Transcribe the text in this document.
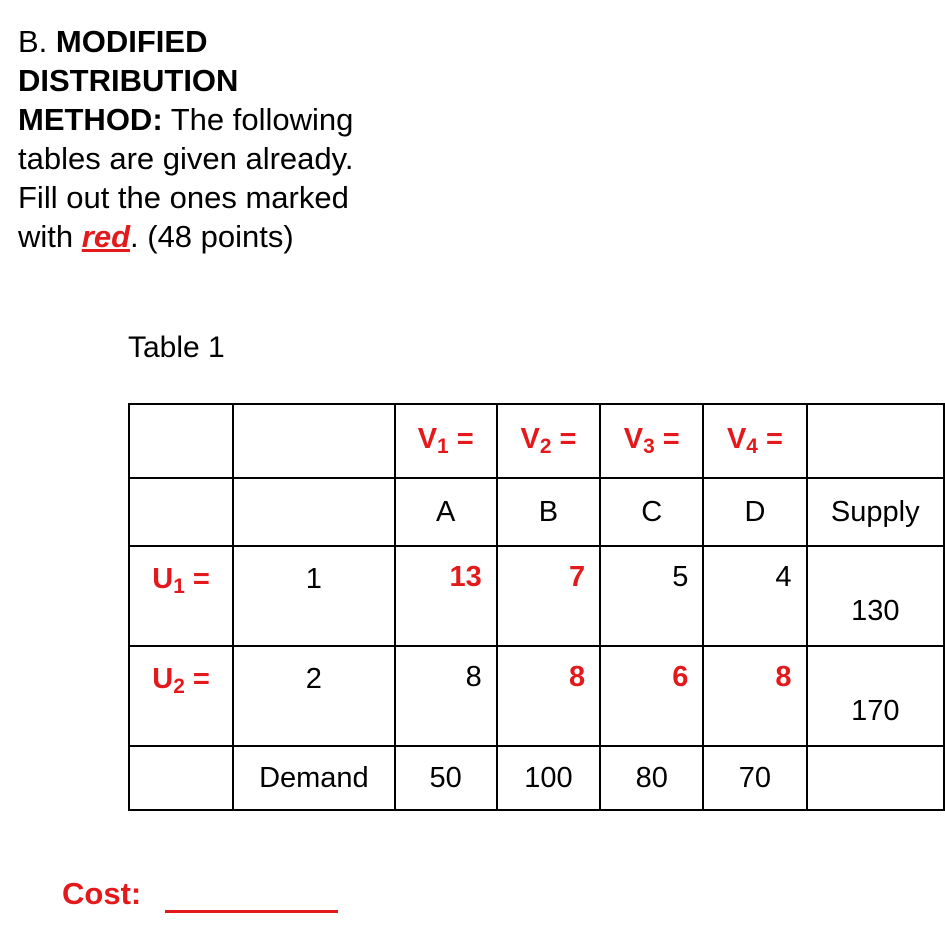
B. MODIFIED DISTRIBUTION METHOD: The following tables are given already. Fill out the ones marked with red. (48 points)
Table 1
		$V_1$ =	$V_2$ =	$V_3$ =	$V_4$ =	
		A	B	C	D	Supply
$U_1$ =	1	13	7	5	4	130

$U_2$ =	2	8	8	6	8	170

	Demand	50	100	80	70	
Cost:
